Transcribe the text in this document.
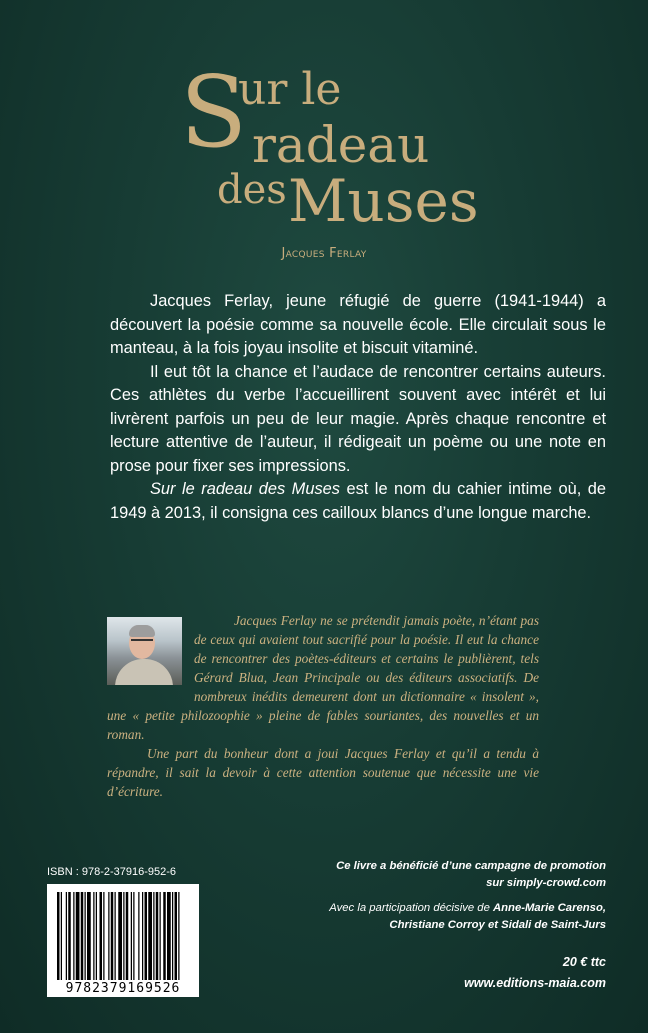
S
ur le
radeau
des Muses
Jacques Ferlay

Jacques Ferlay, jeune réfugié de guerre (1941-1944) a découvert la poésie comme sa nouvelle école. Elle circulait sous le manteau, à la fois joyau insolite et biscuit vitaminé.

Il eut tôt la chance et l’audace de rencontrer certains auteurs. Ces athlètes du verbe l’accueillirent souvent avec intérêt et lui livrèrent parfois un peu de leur magie. Après chaque rencontre et lecture attentive de l’auteur, il rédigeait un poème ou une note en prose pour fixer ses impressions.

Sur le radeau des Muses est le nom du cahier intime où, de 1949 à 2013, il consigna ces cailloux blancs d’une longue marche.

Jacques Ferlay ne se prétendit jamais poète, n’étant pas de ceux qui avaient tout sacrifié pour la poésie. Il eut la chance de rencontrer des poètes-éditeurs et certains le publièrent, tels Gérard Blua, Jean Principale ou des éditeurs associatifs. De nombreux inédits demeurent dont un dictionnaire « insolent », une « petite philozoophie » pleine de fables souriantes, des nouvelles et un roman.

Une part du bonheur dont a joui Jacques Ferlay et qu’il a tendu à répandre, il sait la devoir à cette attention soutenue que nécessite une vie d’écriture.

ISBN : 978-2-37916-952-6
9782379169526
Ce livre a bénéficié d’une campagne de promotion
sur simply-crowd.com
Avec la participation décisive de Anne-Marie Carenso,
Christiane Corroy et Sidali de Saint-Jurs
20 € ttc
www.editions-maia.com
